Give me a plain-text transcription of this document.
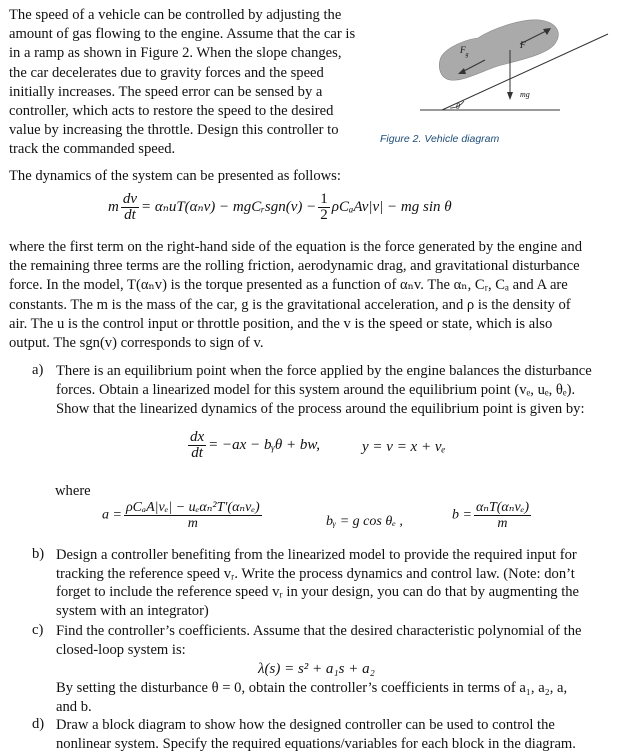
The speed of a vehicle can be controlled by adjusting the
amount of gas flowing to the engine. Assume that the car is
in a ramp as shown in Figure 2. When the slope changes,
the car decelerates due to gravity forces and the speed
initially increases. The speed error can be sensed by a
controller, which acts to restore the speed to the desired
value by increasing the throttle. Design this controller to
track the commanded speed.
$F_g$
F
mg
θ
Figure 2. Vehicle diagram
The dynamics of the system can be presented as follows:
m $\frac{dv}{dt} = \alpha_nuT(\alpha_nv)$ − mgCᵣsgn(v) − $\frac{1}{2} \rho C_aAv|v|$ − mg sin θ
where the first term on the right-hand side of the equation is the force generated by the engine and
the remaining three terms are the rolling friction, aerodynamic drag, and gravitational disturbance
force. In the model, T(αₙv) is the torque presented as a function of αₙv. The αₙ, Cᵣ, Cₐ and A are
constants. The m is the mass of the car, g is the gravitational acceleration, and ρ is the density of
air. The u is the control input or throttle position, and the v is the speed or state, which is also
output. The sgn(v) corresponds to sign of v.
a) There is an equilibrium point when the force applied by the engine balances the disturbance
forces. Obtain a linearized model for this system around the equilibrium point (vₑ, uₑ, θₑ).
Show that the linearized dynamics of the process around the equilibrium point is given by:
$\frac{dx}{dt} = -ax$ − bᵧθ + bw,	y = v = x + vₑ
where
$a = \frac{\text{ρCₐA|vₑ| − uₑαₙ²T′(αₙvₑ)}}{m}$	bᵧ = g cos θₑ ,	$b = \frac{\text{αₙT(αₙvₑ)}}{m}$
b) Design a controller benefiting from the linearized model to provide the required input for
tracking the reference speed vᵣ. Write the process dynamics and control law. (Note: don’t
forget to include the reference speed vᵣ in your design, you can do that by augmenting the
system with an integrator)
c) Find the controller’s coefficients. Assume that the desired characteristic polynomial of the
closed-loop system is:
λ(s) = s² + a₁s + a₂
By setting the disturbance θ = 0, obtain the controller’s coefficients in terms of a₁, a₂, a,
and b.
d) Draw a block diagram to show how the designed controller can be used to control the
nonlinear system. Specify the required equations/variables for each block in the diagram.
